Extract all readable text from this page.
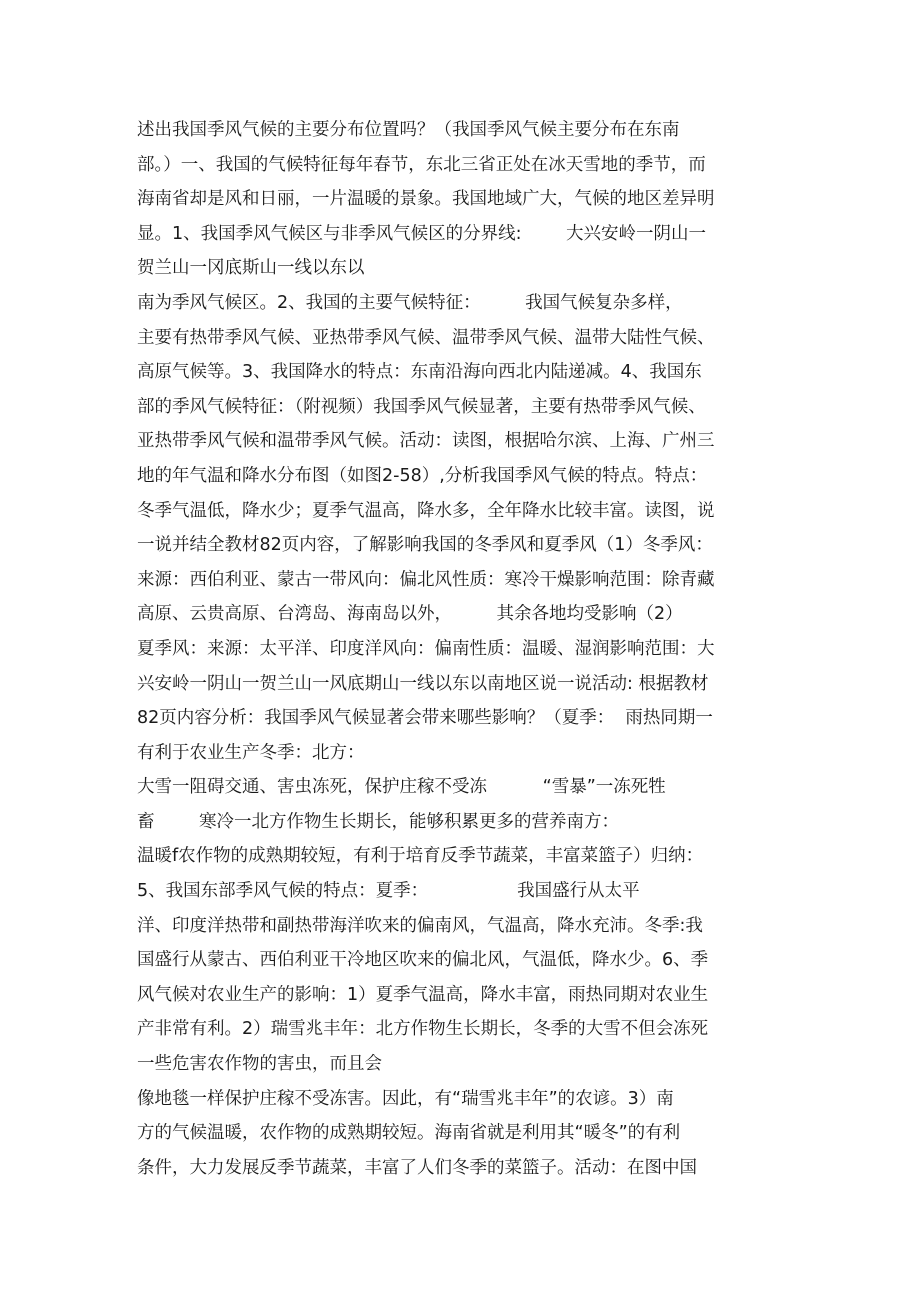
述出我国季风气候的主要分布位置吗？（我国季风气候主要分布在东南
部。）一、我国的气候特征每年春节，东北三省正处在冰天雪地的季节，而
海南省却是风和日丽，一片温暖的景象。我国地域广大，气候的地区差异明
显。1、我国季风气候区与非季风气候区的分界线:        大兴安岭一阴山一
贺兰山一冈底斯山一线以东以
南为季风气候区。2、我国的主要气候特征：        我国气候复杂多样，
主要有热带季风气候、亚热带季风气候、温带季风气候、温带大陆性气候、
高原气候等。3、我国降水的特点：东南沿海向西北内陆递减。4、我国东
部的季风气候特征：（附视频）我国季风气候显著，主要有热带季风气候、
亚热带季风气候和温带季风气候。活动：读图，根据哈尔滨、上海、广州三
地的年气温和降水分布图（如图2-58）,分析我国季风气候的特点。特点：
冬季气温低，降水少；夏季气温高，降水多，全年降水比较丰富。读图，说
一说并结全教材82页内容，了解影响我国的冬季风和夏季风（1）冬季风：
来源：西伯利亚、蒙古一带风向：偏北风性质：寒冷干燥影响范围：除青藏
高原、云贵高原、台湾岛、海南岛以外，        其余各地均受影响（2）
夏季风：来源：太平洋、印度洋风向：偏南性质：温暖、湿润影响范围：大
兴安岭一阴山一贺兰山一风底期山一线以东以南地区说一说活动: 根据教材
82页内容分析：我国季风气候显著会带来哪些影响？（夏季：  雨热同期一
有利于农业生产冬季：北方：
大雪一阻碍交通、害虫冻死，保护庄稼不受冻          “雪暴”一冻死牲
畜        寒冷一北方作物生长期长，能够积累更多的营养南方：
温暖f农作物的成熟期较短，有利于培育反季节蔬菜，丰富菜篮子）归纳：
5、我国东部季风气候的特点：夏季：                我国盛行从太平
洋、印度洋热带和副热带海洋吹来的偏南风，气温高，降水充沛。冬季:我
国盛行从蒙古、西伯利亚干冷地区吹来的偏北风，气温低，降水少。6、季
风气候对农业生产的影响：1）夏季气温高，降水丰富，雨热同期对农业生
产非常有利。2）瑞雪兆丰年：北方作物生长期长，冬季的大雪不但会冻死
一些危害农作物的害虫，而且会
像地毯一样保护庄稼不受冻害。因此，有“瑞雪兆丰年”的农谚。3）南
方的气候温暖，农作物的成熟期较短。海南省就是利用其“暖冬”的有利
条件，大力发展反季节蔬菜，丰富了人们冬季的菜篮子。活动：在图中国
